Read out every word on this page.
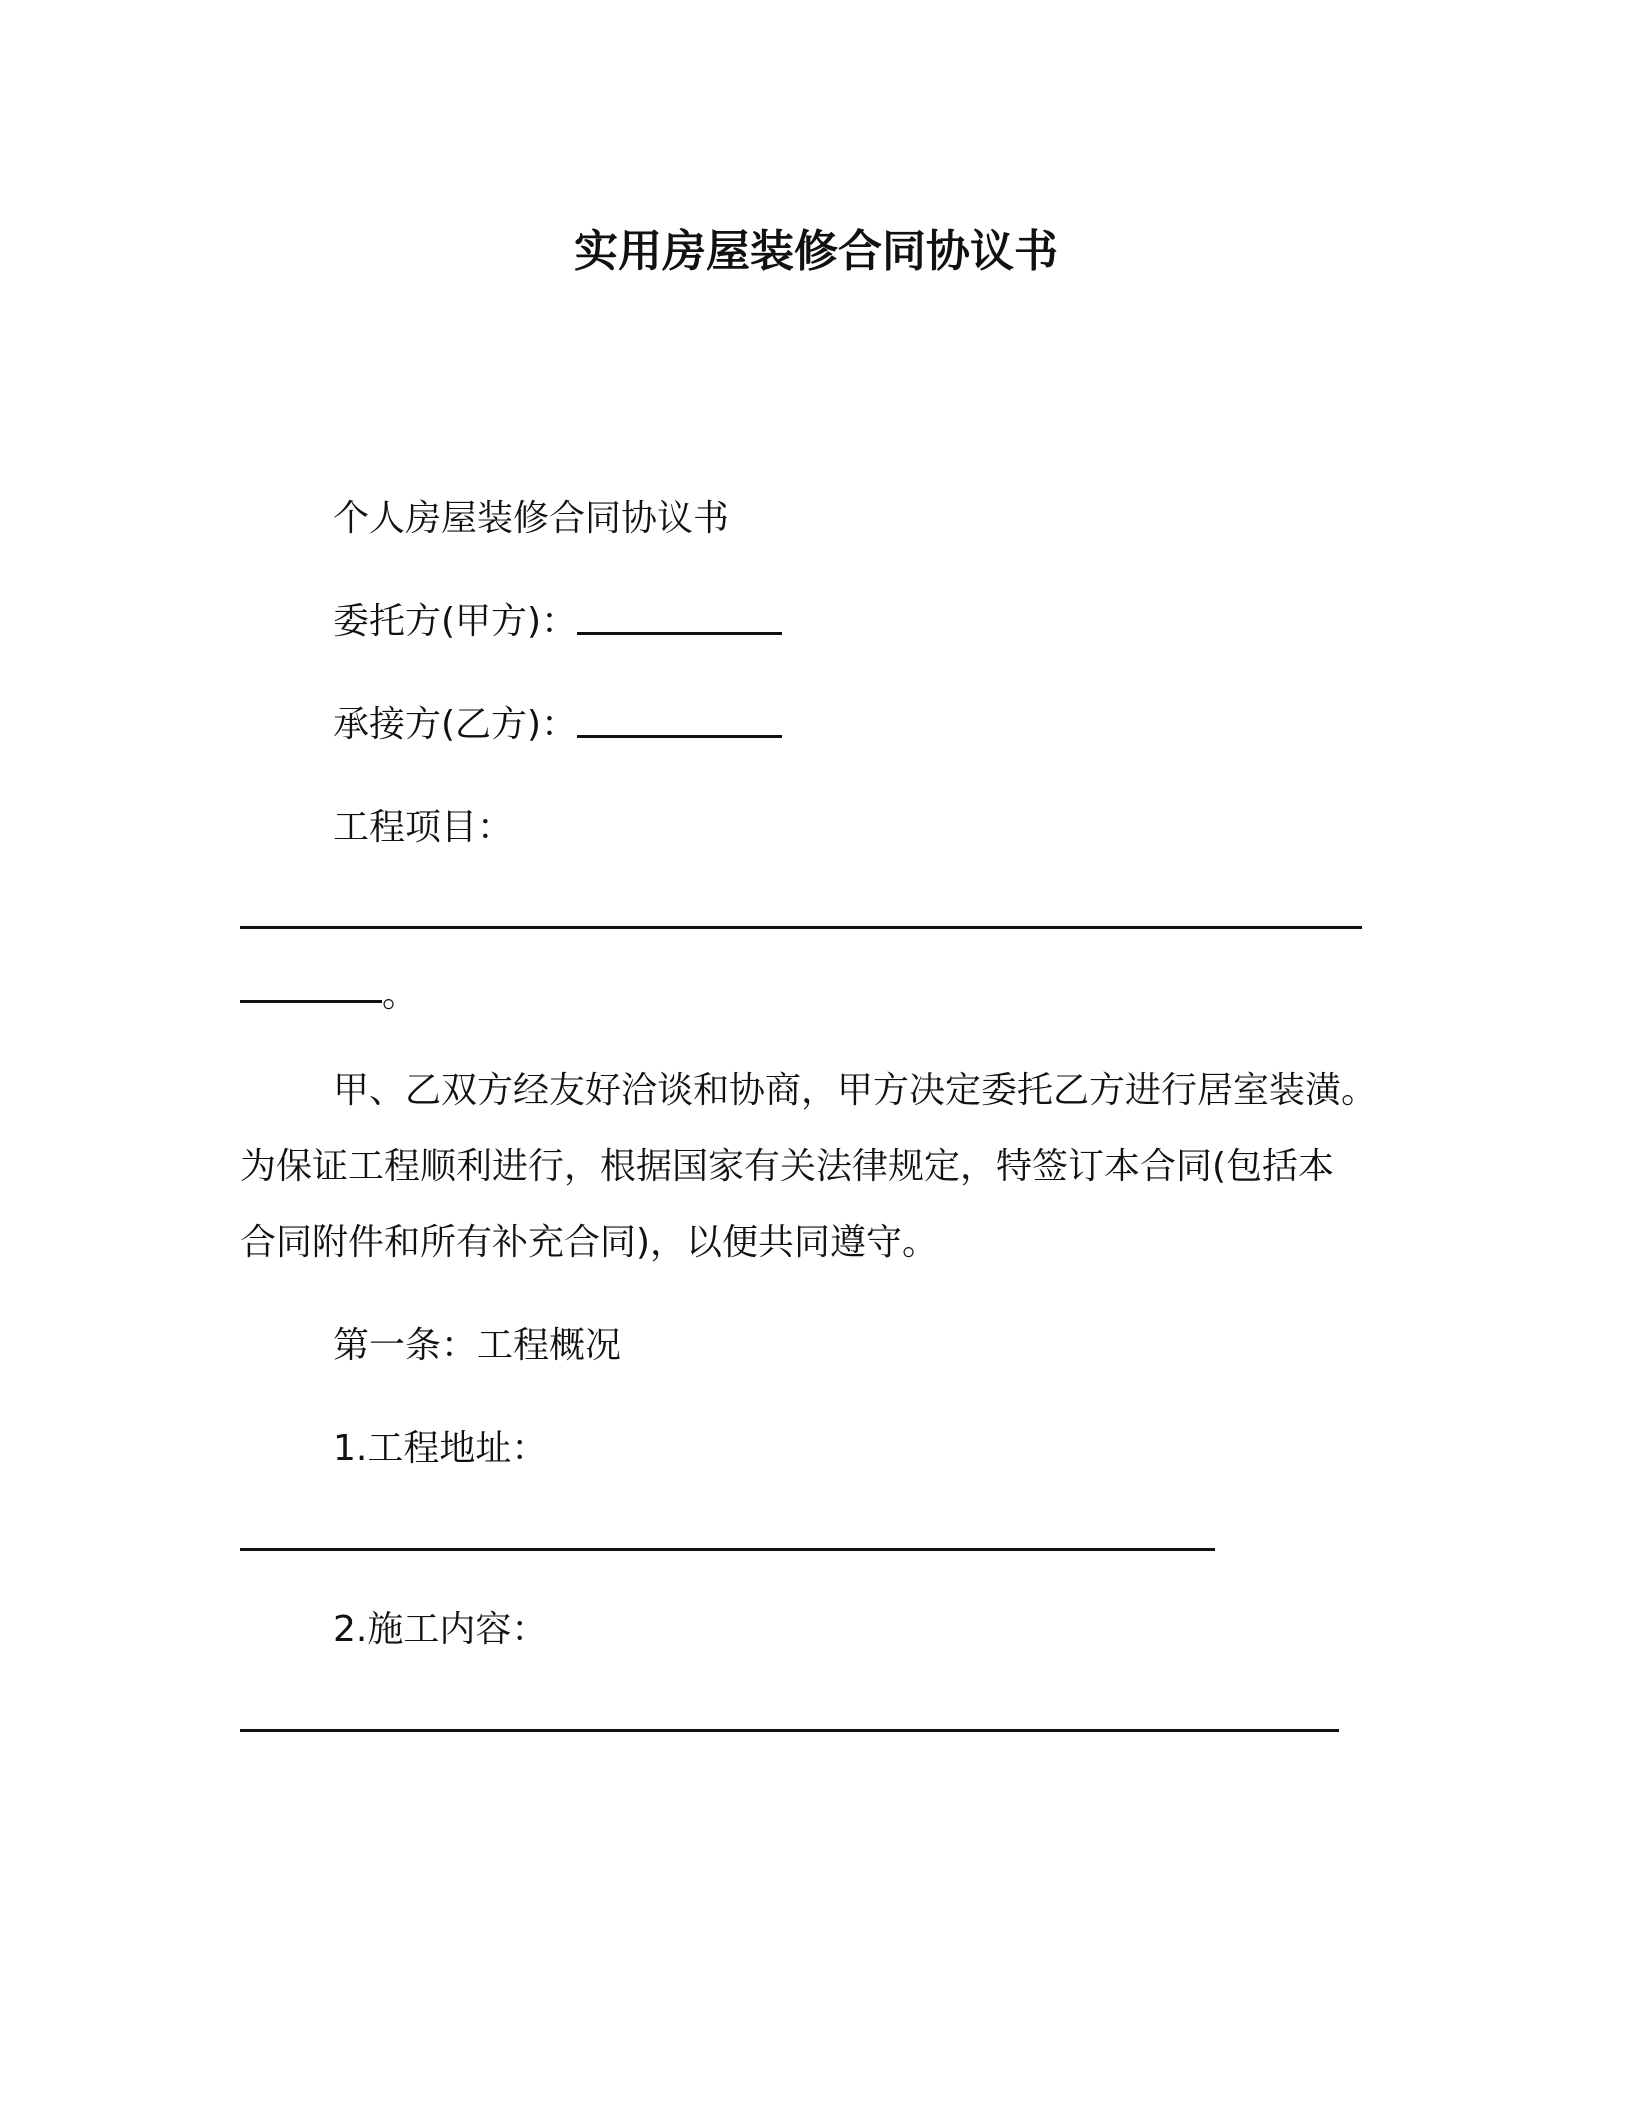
实用房屋装修合同协议书
个人房屋装修合同协议书
委托方(甲方)：
承接方(乙方)：
工程项目：
。
甲、乙双方经友好洽谈和协商，甲方决定委托乙方进行居室装潢。
为保证工程顺利进行，根据国家有关法律规定，特签订本合同(包括本
合同附件和所有补充合同)，以便共同遵守。
第一条：工程概况
1.工程地址：
2.施工内容：
